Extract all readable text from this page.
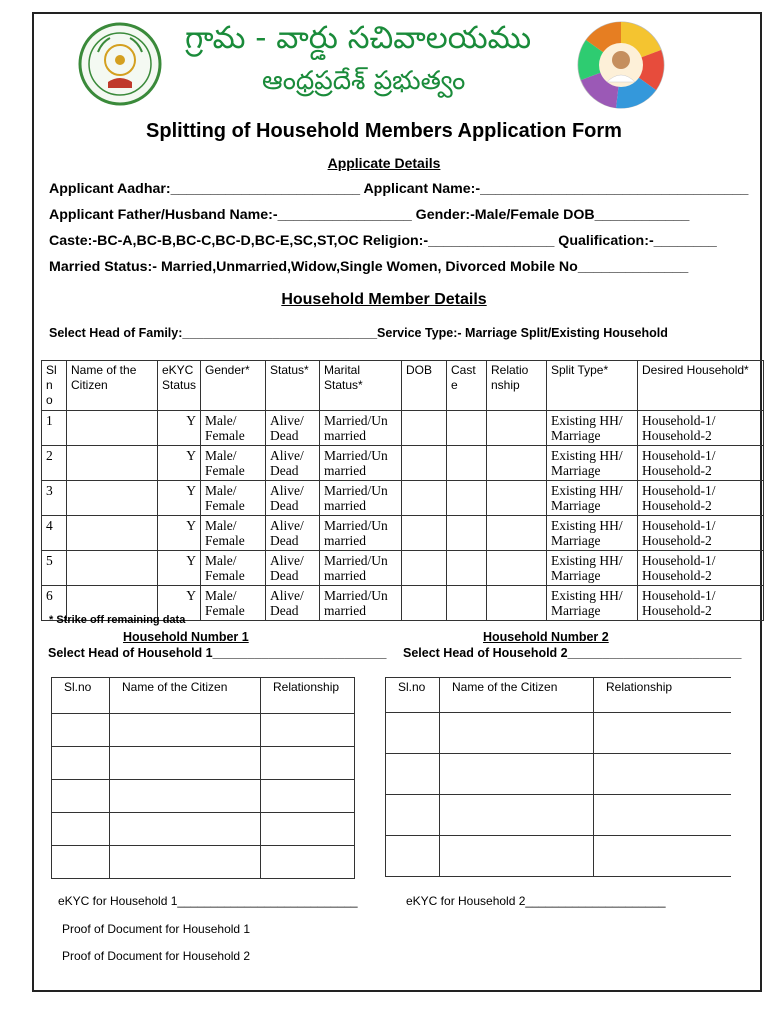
గ్రామ - వార్డు సచివాలయము
ఆంధ్రప్రదేశ్ ప్రభుత్వం
Splitting of Household Members Application Form
Applicate Details
Applicant Aadhar:________________________ Applicant Name:-__________________________________
Applicant Father/Husband Name:-_________________ Gender:-Male/Female DOB____________
Caste:-BC-A,BC-B,BC-C,BC-D,BC-E,SC,ST,OC Religion:-________________ Qualification:-________
Married Status:- Married,Unmarried,Widow,Single Women, Divorced Mobile No______________
Household Member Details
Select Head of Family:____________________________Service Type:- Marriage Split/Existing Household
Sl
n
o	Name of the Citizen	eKYC Status	Gender*	Status*	Marital Status*	DOB	Cast e	Relatio nship	Split Type*	Desired Household*
1		Y	Male/ Female	Alive/ Dead	Married/Un married				Existing HH/ Marriage	Household-1/ Household-2
2		Y	Male/ Female	Alive/ Dead	Married/Un married				Existing HH/ Marriage	Household-1/ Household-2
3		Y	Male/ Female	Alive/ Dead	Married/Un married				Existing HH/ Marriage	Household-1/ Household-2
4		Y	Male/ Female	Alive/ Dead	Married/Un married				Existing HH/ Marriage	Household-1/ Household-2
5		Y	Male/ Female	Alive/ Dead	Married/Un married				Existing HH/ Marriage	Household-1/ Household-2
6		Y	Male/ Female	Alive/ Dead	Married/Un married				Existing HH/ Marriage	Household-1/ Household-2
* Strike off remaining data
Household Number 1
Select Head of Household 1_________________________
Household Number 2
Select Head of Household 2_________________________
Sl.no	Name of the Citizen	Relationship

			Sl.no	Name of the Citizen	Relationship

eKYC for Household 1___________________________	eKYC for Household 2_____________________
Proof of Document for Household 1
Proof of Document for Household 2
